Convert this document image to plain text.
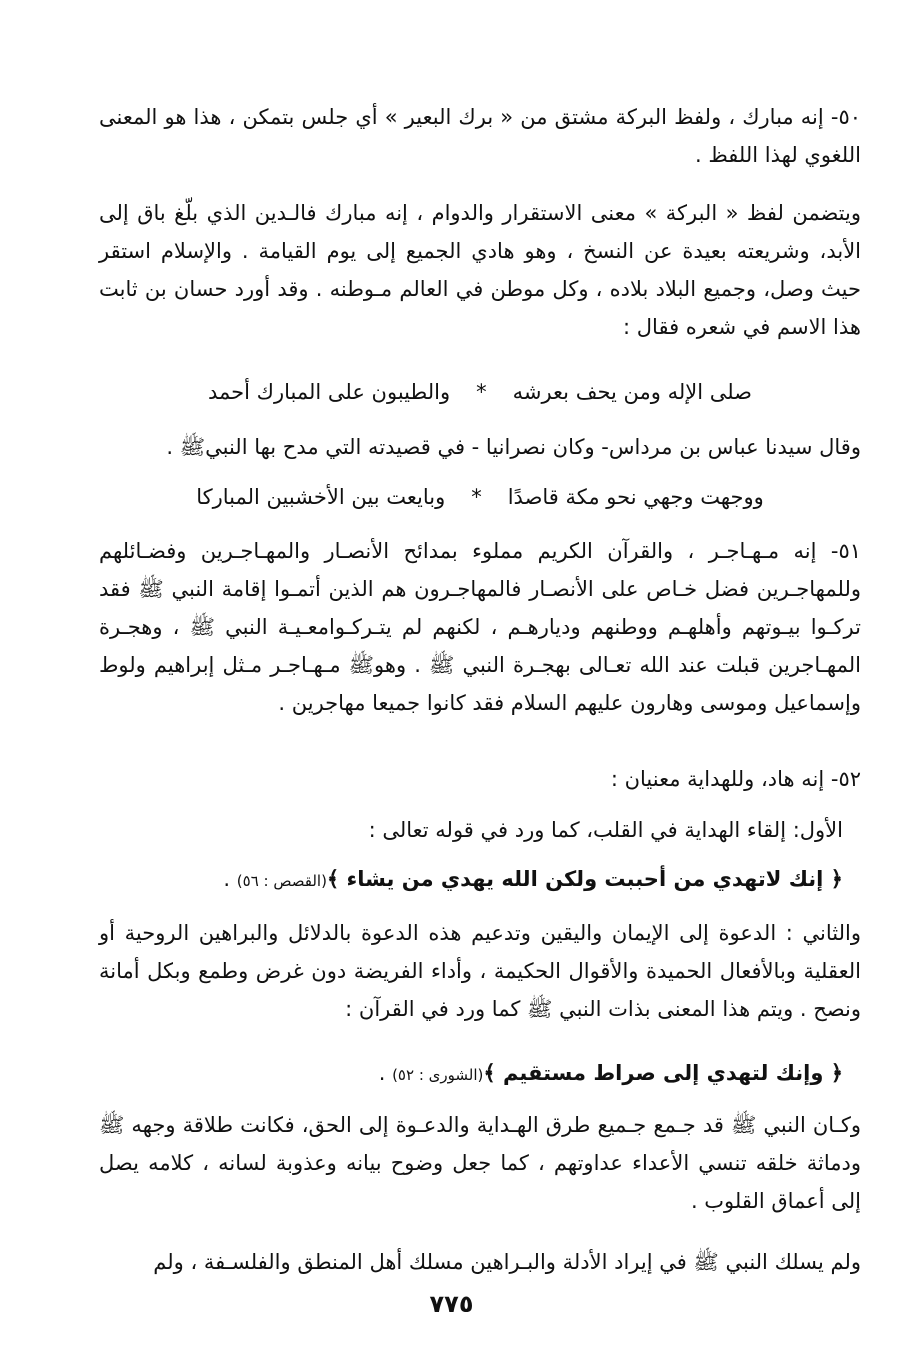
٥٠- إنه مبارك ، ولفظ البركة مشتق من « برك البعير » أي جلس بتمكن ، هذا هو المعنى اللغوي لهذا اللفظ .

ويتضمن لفظ « البركة » معنى الاستقرار والدوام ، إنه مبارك فالـدين الذي بلّغ باق إلى الأبد، وشريعته بعيدة عن النسخ ، وهو هادي الجميع إلى يوم القيامة . والإسلام استقر حيث وصل، وجميع البلاد بلاده ، وكل موطن في العالم مـوطنه . وقد أورد حسان بن ثابت هذا الاسم في شعره فقال :

صلى الإله ومن يحف بعرشه*والطيبون على المبارك أحمد

وقال سيدنا عباس بن مرداس- وكان نصرانيا - في قصيدته التي مدح بها النبيﷺ .

ووجهت وجهي نحو مكة قاصدًا*وبايعت بين الأخشبين المباركا

٥١- إنه مـهـاجـر ، والقرآن الكريم مملوء بمدائح الأنصـار والمهـاجـرين وفضـائلهم وللمهاجـرين فضل خـاص على الأنصـار فالمهاجـرون هم الذين أتمـوا إقامة النبي ﷺ فقد تركـوا بيـوتهم وأهلهـم ووطنهم وديارهـم ، لكنهم لم يتـركـوامعـيـة النبي ﷺ ، وهجـرة المهـاجرين قبلت عند الله تعـالى بهجـرة النبي ﷺ . وهوﷺ مـهـاجـر مـثل إبراهيم ولوط وإسماعيل وموسى وهارون عليهم السلام فقد كانوا جميعا مهاجرين .

٥٢- إنه هاد، وللهداية معنيان :

الأول: إلقاء الهداية في القلب، كما ورد في قوله تعالى :

﴿ إنك لاتهدي من أحببت ولكن الله يهدي من يشاء ﴾(القصص : ٥٦) .

والثاني : الدعوة إلى الإيمان واليقين وتدعيم هذه الدعوة بالدلائل والبراهين الروحية أو العقلية وبالأفعال الحميدة والأقوال الحكيمة ، وأداء الفريضة دون غرض وطمع وبكل أمانة ونصح . ويتم هذا المعنى بذات النبي ﷺ كما ورد في القرآن :

﴿ وإنك لتهدي إلى صراط مستقيم ﴾(الشورى : ٥٢) .

وكـان النبي ﷺ قد جـمع جـميع طرق الهـداية والدعـوة إلى الحق، فكانت طلاقة وجهه ﷺ ودماثة خلقه تنسي الأعداء عداوتهم ، كما جعل وضوح بيانه وعذوبة لسانه ، كلامه يصل إلى أعماق القلوب .

ولم يسلك النبي ﷺ في إيراد الأدلة والبـراهين مسلك أهل المنطق والفلسـفة ، ولم

٧٧٥
